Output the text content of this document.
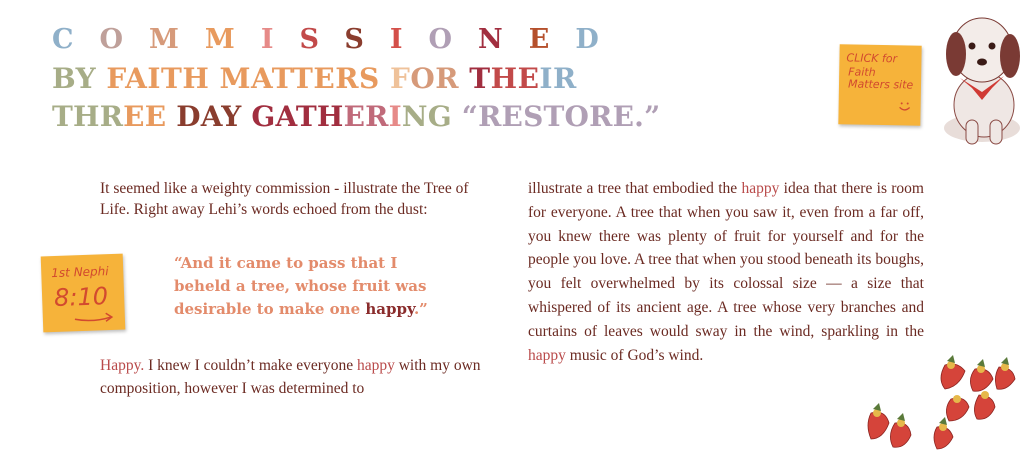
COMMISSIONED
BY FAITH MATTERS FOR THEIR
THREE DAY GATHERING “RESTORE.”

It seemed like a weighty commission - illustrate the Tree of Life. Right away Lehi’s words echoed from the dust:

Happy. I knew I couldn’t make everyone happy with my own composition, however I was determined to

“And it came to pass that I beheld a tree, whose fruit was desirable to make one happy.”
illustrate a tree that embodied the happy idea that there is room for everyone. A tree that when you saw it, even from a far off, you knew there was plenty of fruit for yourself and for the people you love. A tree that when you stood beneath its boughs, you felt overwhelmed by its colossal size — a size that whispered of its ancient age. A tree whose very branches and curtains of leaves would sway in the wind, sparkling in the happy music of God’s wind.
1st Nephi
8:10
CLICK for
Faith Matters site
